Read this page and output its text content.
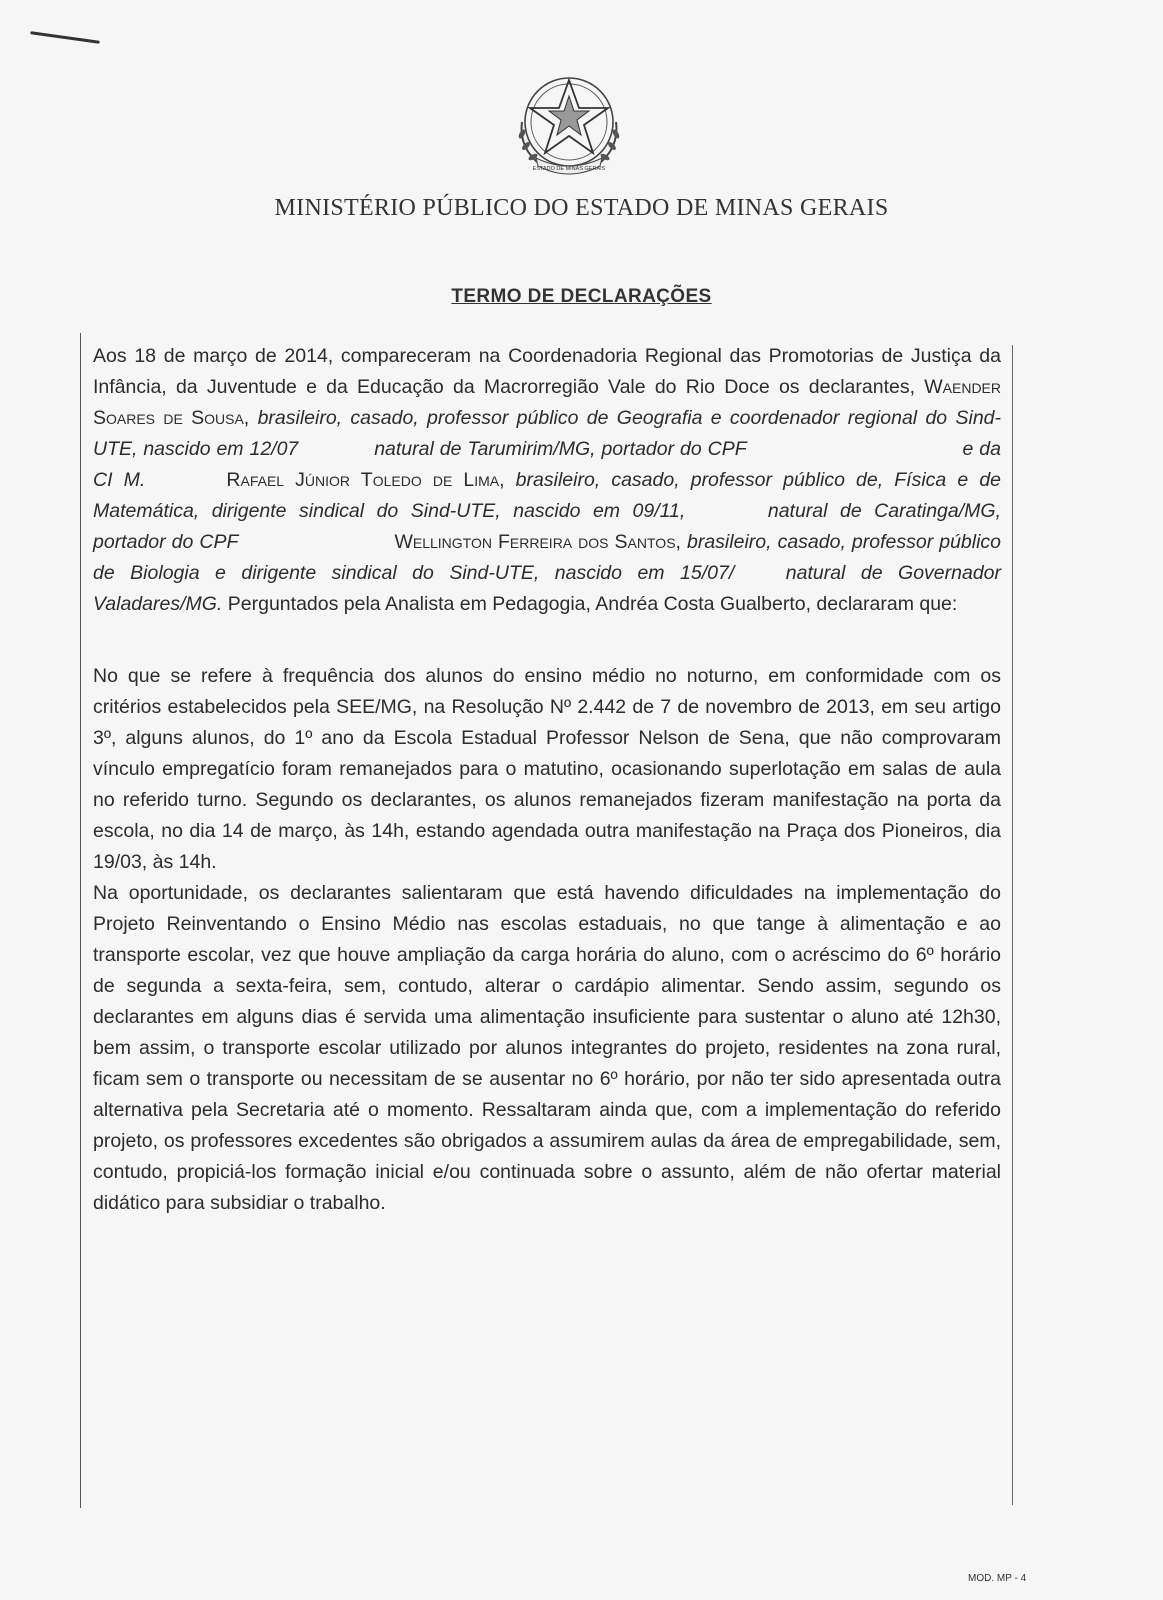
ESTADO DE MINAS GERAIS
MINISTÉRIO PÚBLICO DO ESTADO DE MINAS GERAIS
TERMO DE DECLARAÇÕES

Aos 18 de março de 2014, compareceram na Coordenadoria Regional das Promotorias de Justiça da Infância, da Juventude e da Educação da Macrorregião Vale do Rio Doce os declarantes, Waender Soares de Sousa, brasileiro, casado, professor público de Geografia e coordenador regional do Sind-UTE, nascido em 12/07	natural de Tarumirim/MG, portador do CPF	e da CI M.	Rafael Júnior Toledo de Lima, brasileiro, casado, professor público de, Física e de Matemática, dirigente sindical do Sind-UTE, nascido em 09/11,	natural de Caratinga/MG, portador do CPF	Wellington Ferreira dos Santos, brasileiro, casado, professor público de Biologia e dirigente sindical do Sind-UTE, nascido em 15/07/	natural de Governador Valadares/MG. Perguntados pela Analista em Pedagogia, Andréa Costa Gualberto, declararam que:

No que se refere à frequência dos alunos do ensino médio no noturno, em conformidade com os critérios estabelecidos pela SEE/MG, na Resolução Nº 2.442 de 7 de novembro de 2013, em seu artigo 3º, alguns alunos, do 1º ano da Escola Estadual Professor Nelson de Sena, que não comprovaram vínculo empregatício foram remanejados para o matutino, ocasionando superlotação em salas de aula no referido turno. Segundo os declarantes, os alunos remanejados fizeram manifestação na porta da escola, no dia 14 de março, às 14h, estando agendada outra manifestação na Praça dos Pioneiros, dia 19/03, às 14h.

Na oportunidade, os declarantes salientaram que está havendo dificuldades na implementação do Projeto Reinventando o Ensino Médio nas escolas estaduais, no que tange à alimentação e ao transporte escolar, vez que houve ampliação da carga horária do aluno, com o acréscimo do 6º horário de segunda a sexta-feira, sem, contudo, alterar o cardápio alimentar. Sendo assim, segundo os declarantes em alguns dias é servida uma alimentação insuficiente para sustentar o aluno até 12h30, bem assim, o transporte escolar utilizado por alunos integrantes do projeto, residentes na zona rural, ficam sem o transporte ou necessitam de se ausentar no 6º horário, por não ter sido apresentada outra alternativa pela Secretaria até o momento. Ressaltaram ainda que, com a implementação do referido projeto, os professores excedentes são obrigados a assumirem aulas da área de empregabilidade, sem, contudo, propiciá-los formação inicial e/ou continuada sobre o assunto, além de não ofertar material didático para subsidiar o trabalho.

MOD. MP - 4
